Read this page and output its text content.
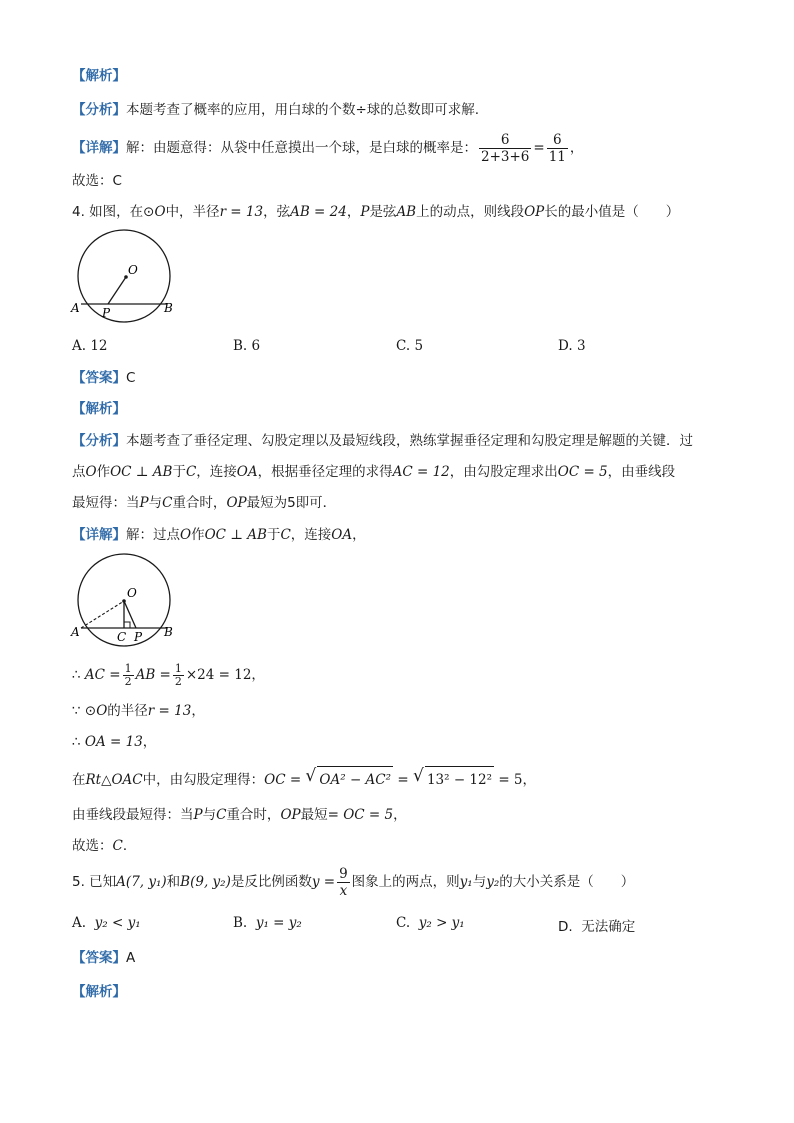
【解析】
【分析】本题考查了概率的应用，用白球的个数÷球的总数即可求解.
【详解】解：由题意得：从袋中任意摸出一个球，是白球的概率是： $\frac{6}{2+3+6} = \frac{6}{11}$ ，
故选：C
4. 如图，在⊙O中，半径r = 13，弦AB = 24，P是弦AB上的动点，则线段OP长的最小值是（　　）
O
A	B
P
A. 12	B. 6	C. 5	D. 3
【答案】C
【解析】
【分析】本题考查了垂径定理、勾股定理以及最短线段，熟练掌握垂径定理和勾股定理是解题的关键．过
点O作OC ⊥ AB于C，连接OA，根据垂径定理的求得AC = 12，由勾股定理求出OC = 5，由垂线段
最短得：当P与C重合时，OP最短为5即可．
【详解】解：过点O作OC ⊥ AB于C，连接OA，
O
A	B
C P
∴ AC = $\frac{1}{2}$ AB = $\frac{1}{2} \times 24 = 12$，
∵ ⊙O的半径r = 13，
∴ OA = 13，
在Rt△OAC中，由勾股定理得：OC = √ OA² − AC² = √ 13² − 12² = 5，
由垂线段最短得：当P与C重合时，OP最短= OC = 5，
故选：C．
5. 已知A(7, y₁)和B(9, y₂)是反比例函数$y = \frac{9}{x}$ 图象上的两点，则y₁与y₂的大小关系是（　　）
A. y₂ < y₁	B. y₁ = y₂	C. y₂ > y₁	D. 无法确定
【答案】A
【解析】
